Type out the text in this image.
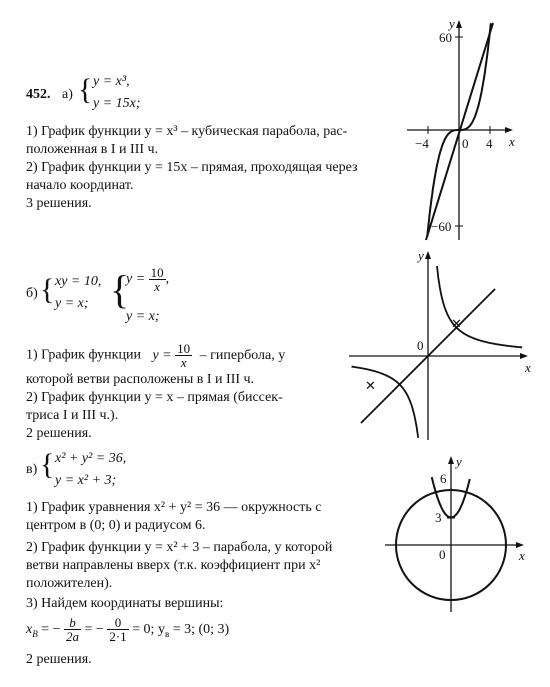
452. а) { y = x³,
y = 15x;
1) График функции y = x³ – кубическая парабола, рас-
положенная в I и III ч.
2) График функции y = 15x – прямая, проходящая через
начало координат.
3 решения.
y
x
60
−60
−4	0 4
б) { xy = 10,
y = x; {
$y = \frac{10}{x}$ ,
y = x;
1) График функции $y = \frac{10}{x}$ – гипербола, у
которой ветви расположены в I и III ч.
2) График функции y = x – прямая (биссек-
триса I и III ч.).
2 решения.
✕
✕
y
x
0
в) { x² + y² = 36,
y = x² + 3;
1) График уравнения x² + y² = 36 — окружность с
центром в (0; 0) и радиусом 6.
2) График функции y = x² + 3 – парабола, у которой
ветви направлены вверх (т.к. коэффициент при x²
положителен).
3) Найдем координаты вершины:
$x_B$ = − $\frac{b}{2a}$ = − $\frac{0}{2\cdot 1} = 0$; $y_в = 3$; (0; 3)
2 решения.
y
x
6
3
0
